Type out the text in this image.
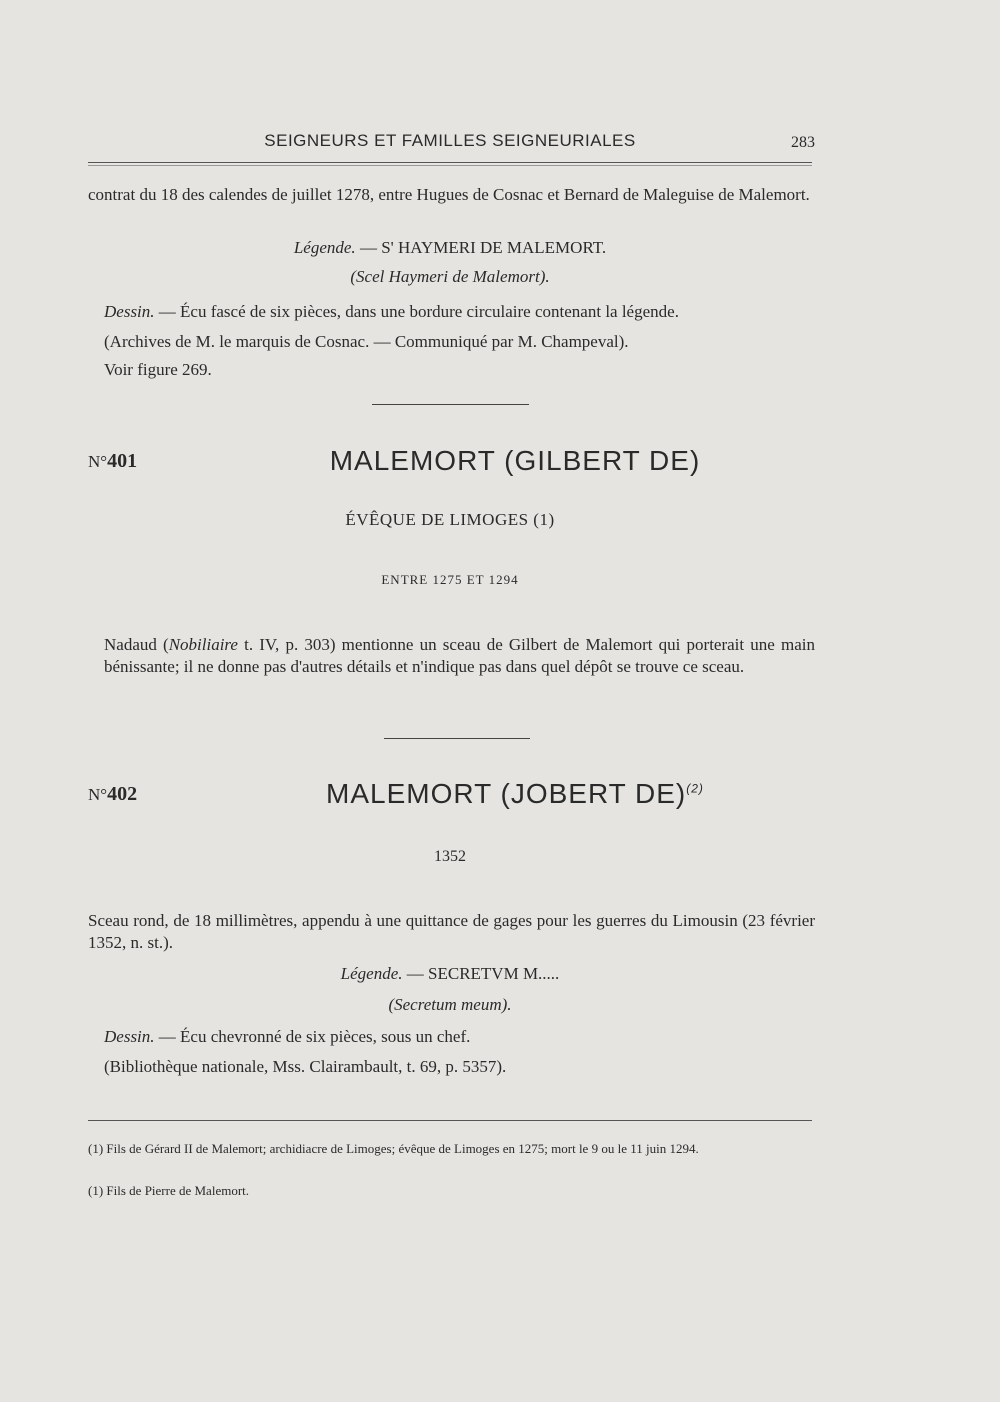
SEIGNEURS ET FAMILLES SEIGNEURIALES	283
contrat du 18 des calendes de juillet 1278, entre Hugues de Cosnac et Bernard de Maleguise de Malemort.
Légende. — S' HAYMERI DE MALEMORT.
(Scel Haymeri de Malemort).
Dessin. — Écu fascé de six pièces, dans une bordure circulaire contenant la légende.
(Archives de M. le marquis de Cosnac. — Communiqué par M. Champeval).
Voir figure 269.
N°401	MALEMORT (GILBERT DE)
ÉVÊQUE DE LIMOGES (1)
ENTRE 1275 ET 1294
Nadaud (Nobiliaire t. IV, p. 303) mentionne un sceau de Gilbert de Malemort qui porterait une main bénissante; il ne donne pas d'autres détails et n'indique pas dans quel dépôt se trouve ce sceau.
N°402	MALEMORT (JOBERT DE)$^{(2)}$
1352
Sceau rond, de 18 millimètres, appendu à une quittance de gages pour les guerres du Limousin (23 février 1352, n. st.).
Légende. — SECRETVM M.....
(Secretum meum).
Dessin. — Écu chevronné de six pièces, sous un chef.
(Bibliothèque nationale, Mss. Clairambault, t. 69, p. 5357).
(1) Fils de Gérard II de Malemort; archidiacre de Limoges; évêque de Limoges en 1275; mort le 9 ou le 11 juin 1294.
(1) Fils de Pierre de Malemort.
